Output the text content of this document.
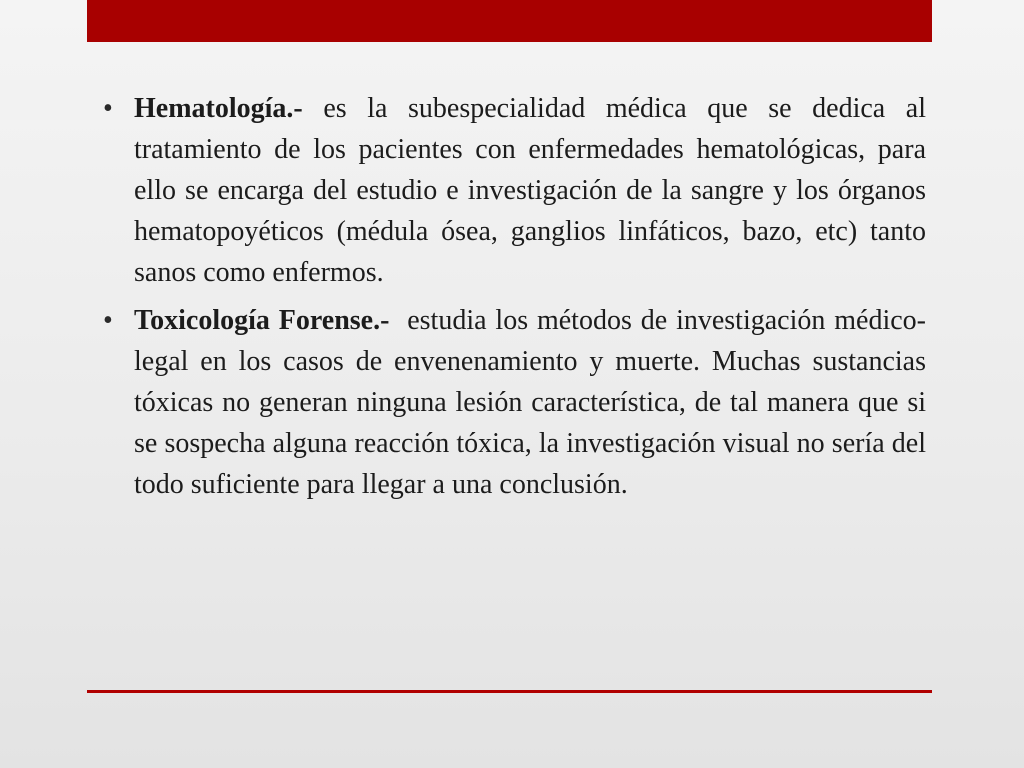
• Hematología.- es la subespecialidad médica que se dedica al tratamiento de los pacientes con enfermedades hematológicas, para ello se encarga del estudio e investigación de la sangre y los órganos hematopoyéticos (médula ósea, ganglios linfáticos, bazo, etc) tanto sanos como enfermos.

• Toxicología Forense.-  estudia los métodos de investigación médico-legal en los casos de envenenamiento y muerte. Muchas sustancias tóxicas no generan ninguna lesión característica, de tal manera que si se sospecha alguna reacción tóxica, la investigación visual no sería del todo suficiente para llegar a una conclusión.
